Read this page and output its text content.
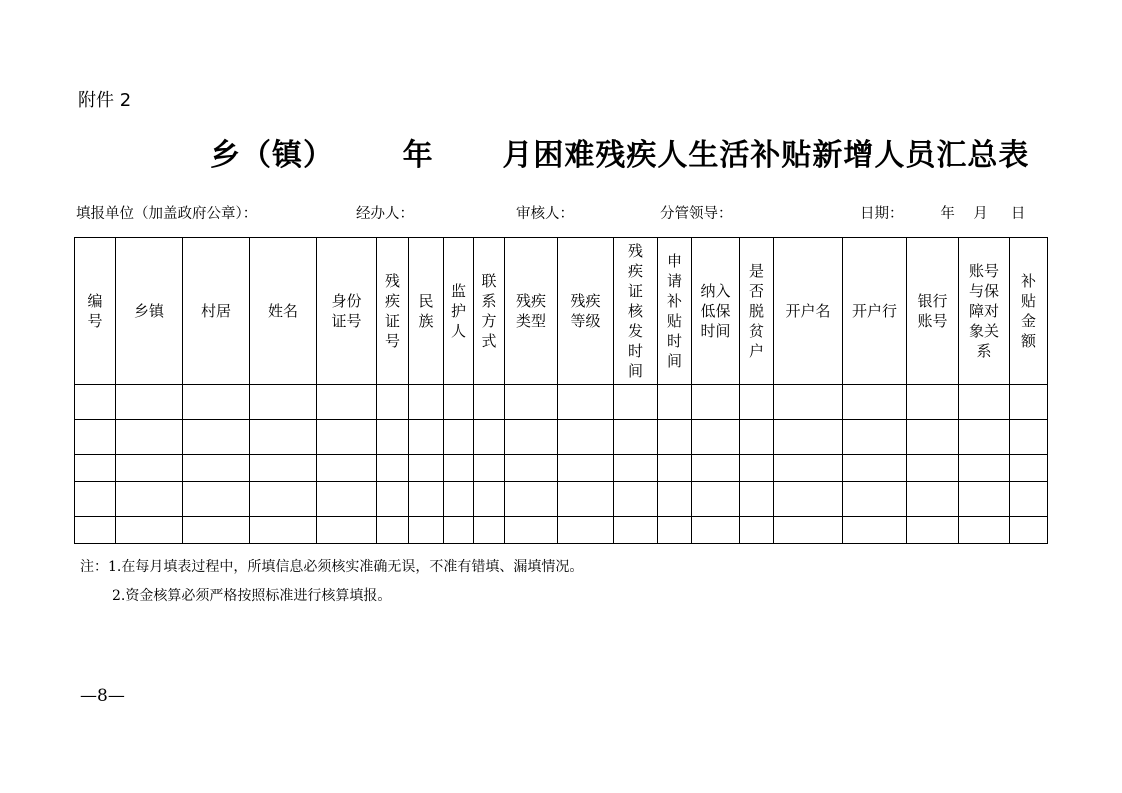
附件 2
乡（镇）      年      月困难残疾人生活补贴新增人员汇总表
填报单位（加盖政府公章）：	经办人：	审核人：	分管领导：	日期：        年    月     日
编号	乡镇	村居	姓名	身份证号	残疾证号	民族	监护人	联系方式	残疾类型	残疾等级	残疾证核发时间	申请补贴时间	纳入低保时间	是否脱贫户	开户名	开户行	银行账号	账号与保障对象关系	补贴金额

注：1.在每月填表过程中，所填信息必须核实准确无误，不准有错填、漏填情况。
2.资金核算必须严格按照标准进行核算填报。
—8—
